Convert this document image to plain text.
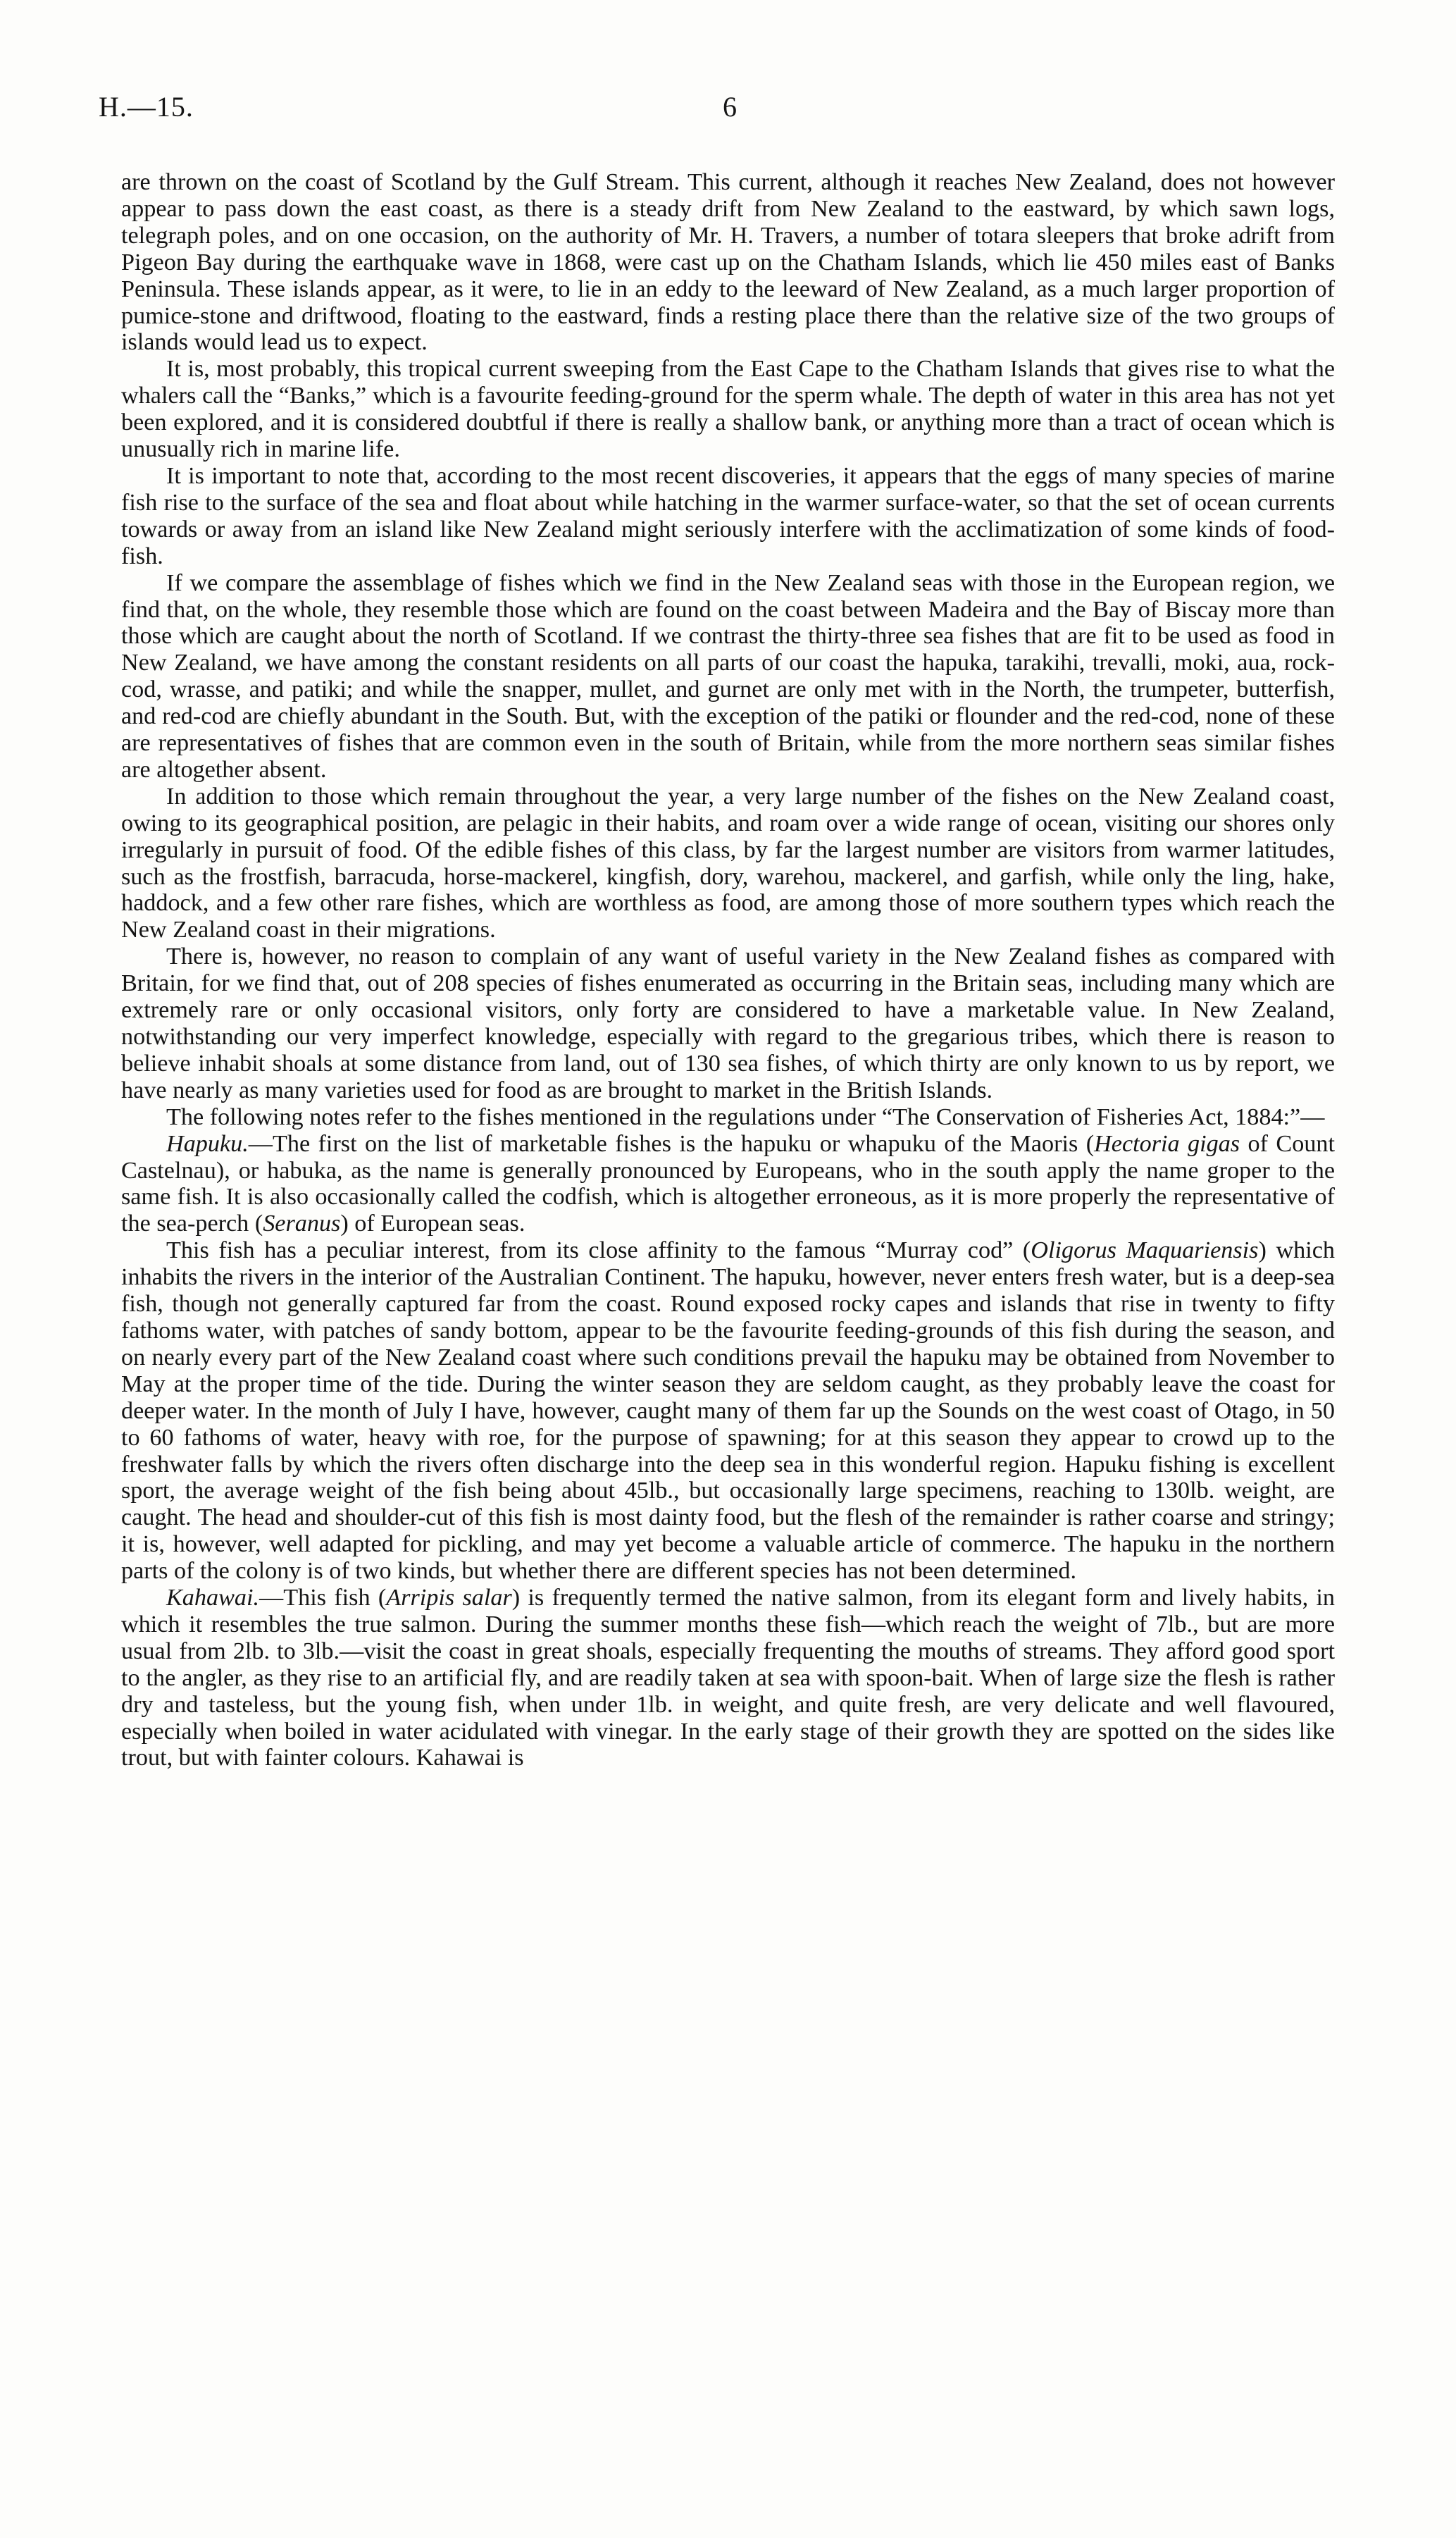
H.—15.	6

are thrown on the coast of Scotland by the Gulf Stream. This current, although it reaches New Zealand, does not however appear to pass down the east coast, as there is a steady drift from New Zealand to the eastward, by which sawn logs, telegraph poles, and on one occasion, on the authority of Mr. H. Travers, a number of totara sleepers that broke adrift from Pigeon Bay during the earthquake wave in 1868, were cast up on the Chatham Islands, which lie 450 miles east of Banks Peninsula. These islands appear, as it were, to lie in an eddy to the leeward of New Zealand, as a much larger proportion of pumice-stone and driftwood, floating to the eastward, finds a resting place there than the relative size of the two groups of islands would lead us to expect.

It is, most probably, this tropical current sweeping from the East Cape to the Chatham Islands that gives rise to what the whalers call the “Banks,” which is a favourite feeding-ground for the sperm whale. The depth of water in this area has not yet been explored, and it is considered doubtful if there is really a shallow bank, or anything more than a tract of ocean which is unusually rich in marine life.

It is important to note that, according to the most recent discoveries, it appears that the eggs of many species of marine fish rise to the surface of the sea and float about while hatching in the warmer surface-water, so that the set of ocean currents towards or away from an island like New Zealand might seriously interfere with the acclimatization of some kinds of food-fish.

If we compare the assemblage of fishes which we find in the New Zealand seas with those in the European region, we find that, on the whole, they resemble those which are found on the coast between Madeira and the Bay of Biscay more than those which are caught about the north of Scotland. If we contrast the thirty-three sea fishes that are fit to be used as food in New Zealand, we have among the constant residents on all parts of our coast the hapuka, tarakihi, trevalli, moki, aua, rock-cod, wrasse, and patiki; and while the snapper, mullet, and gurnet are only met with in the North, the trumpeter, butterfish, and red-cod are chiefly abundant in the South. But, with the exception of the patiki or flounder and the red-cod, none of these are representatives of fishes that are common even in the south of Britain, while from the more northern seas similar fishes are altogether absent.

In addition to those which remain throughout the year, a very large number of the fishes on the New Zealand coast, owing to its geographical position, are pelagic in their habits, and roam over a wide range of ocean, visiting our shores only irregularly in pursuit of food. Of the edible fishes of this class, by far the largest number are visitors from warmer latitudes, such as the frostfish, barracuda, horse-mackerel, kingfish, dory, warehou, mackerel, and garfish, while only the ling, hake, haddock, and a few other rare fishes, which are worthless as food, are among those of more southern types which reach the New Zealand coast in their migrations.

There is, however, no reason to complain of any want of useful variety in the New Zealand fishes as compared with Britain, for we find that, out of 208 species of fishes enumerated as occurring in the Britain seas, including many which are extremely rare or only occasional visitors, only forty are considered to have a marketable value. In New Zealand, notwithstanding our very imperfect knowledge, especially with regard to the gregarious tribes, which there is reason to believe inhabit shoals at some distance from land, out of 130 sea fishes, of which thirty are only known to us by report, we have nearly as many varieties used for food as are brought to market in the British Islands.

The following notes refer to the fishes mentioned in the regulations under “The Conservation of Fisheries Act, 1884:”—

Hapuku.—The first on the list of marketable fishes is the hapuku or whapuku of the Maoris (Hectoria gigas of Count Castelnau), or habuka, as the name is generally pronounced by Europeans, who in the south apply the name groper to the same fish. It is also occasionally called the codfish, which is altogether erroneous, as it is more properly the representative of the sea-perch (Seranus) of European seas.

This fish has a peculiar interest, from its close affinity to the famous “Murray cod” (Oligorus Maquariensis) which inhabits the rivers in the interior of the Australian Continent. The hapuku, however, never enters fresh water, but is a deep-sea fish, though not generally captured far from the coast. Round exposed rocky capes and islands that rise in twenty to fifty fathoms water, with patches of sandy bottom, appear to be the favourite feeding-grounds of this fish during the season, and on nearly every part of the New Zealand coast where such conditions prevail the hapuku may be obtained from November to May at the proper time of the tide. During the winter season they are seldom caught, as they probably leave the coast for deeper water. In the month of July I have, however, caught many of them far up the Sounds on the west coast of Otago, in 50 to 60 fathoms of water, heavy with roe, for the purpose of spawning; for at this season they appear to crowd up to the freshwater falls by which the rivers often discharge into the deep sea in this wonderful region. Hapuku fishing is excellent sport, the average weight of the fish being about 45lb., but occasionally large specimens, reaching to 130lb. weight, are caught. The head and shoulder-cut of this fish is most dainty food, but the flesh of the remainder is rather coarse and stringy; it is, however, well adapted for pickling, and may yet become a valuable article of commerce. The hapuku in the northern parts of the colony is of two kinds, but whether there are different species has not been determined.

Kahawai.—This fish (Arripis salar) is frequently termed the native salmon, from its elegant form and lively habits, in which it resembles the true salmon. During the summer months these fish—which reach the weight of 7lb., but are more usual from 2lb. to 3lb.—visit the coast in great shoals, especially frequenting the mouths of streams. They afford good sport to the angler, as they rise to an artificial fly, and are readily taken at sea with spoon-bait. When of large size the flesh is rather dry and tasteless, but the young fish, when under 1lb. in weight, and quite fresh, are very delicate and well flavoured, especially when boiled in water acidulated with vinegar. In the early stage of their growth they are spotted on the sides like trout, but with fainter colours. Kahawai is
